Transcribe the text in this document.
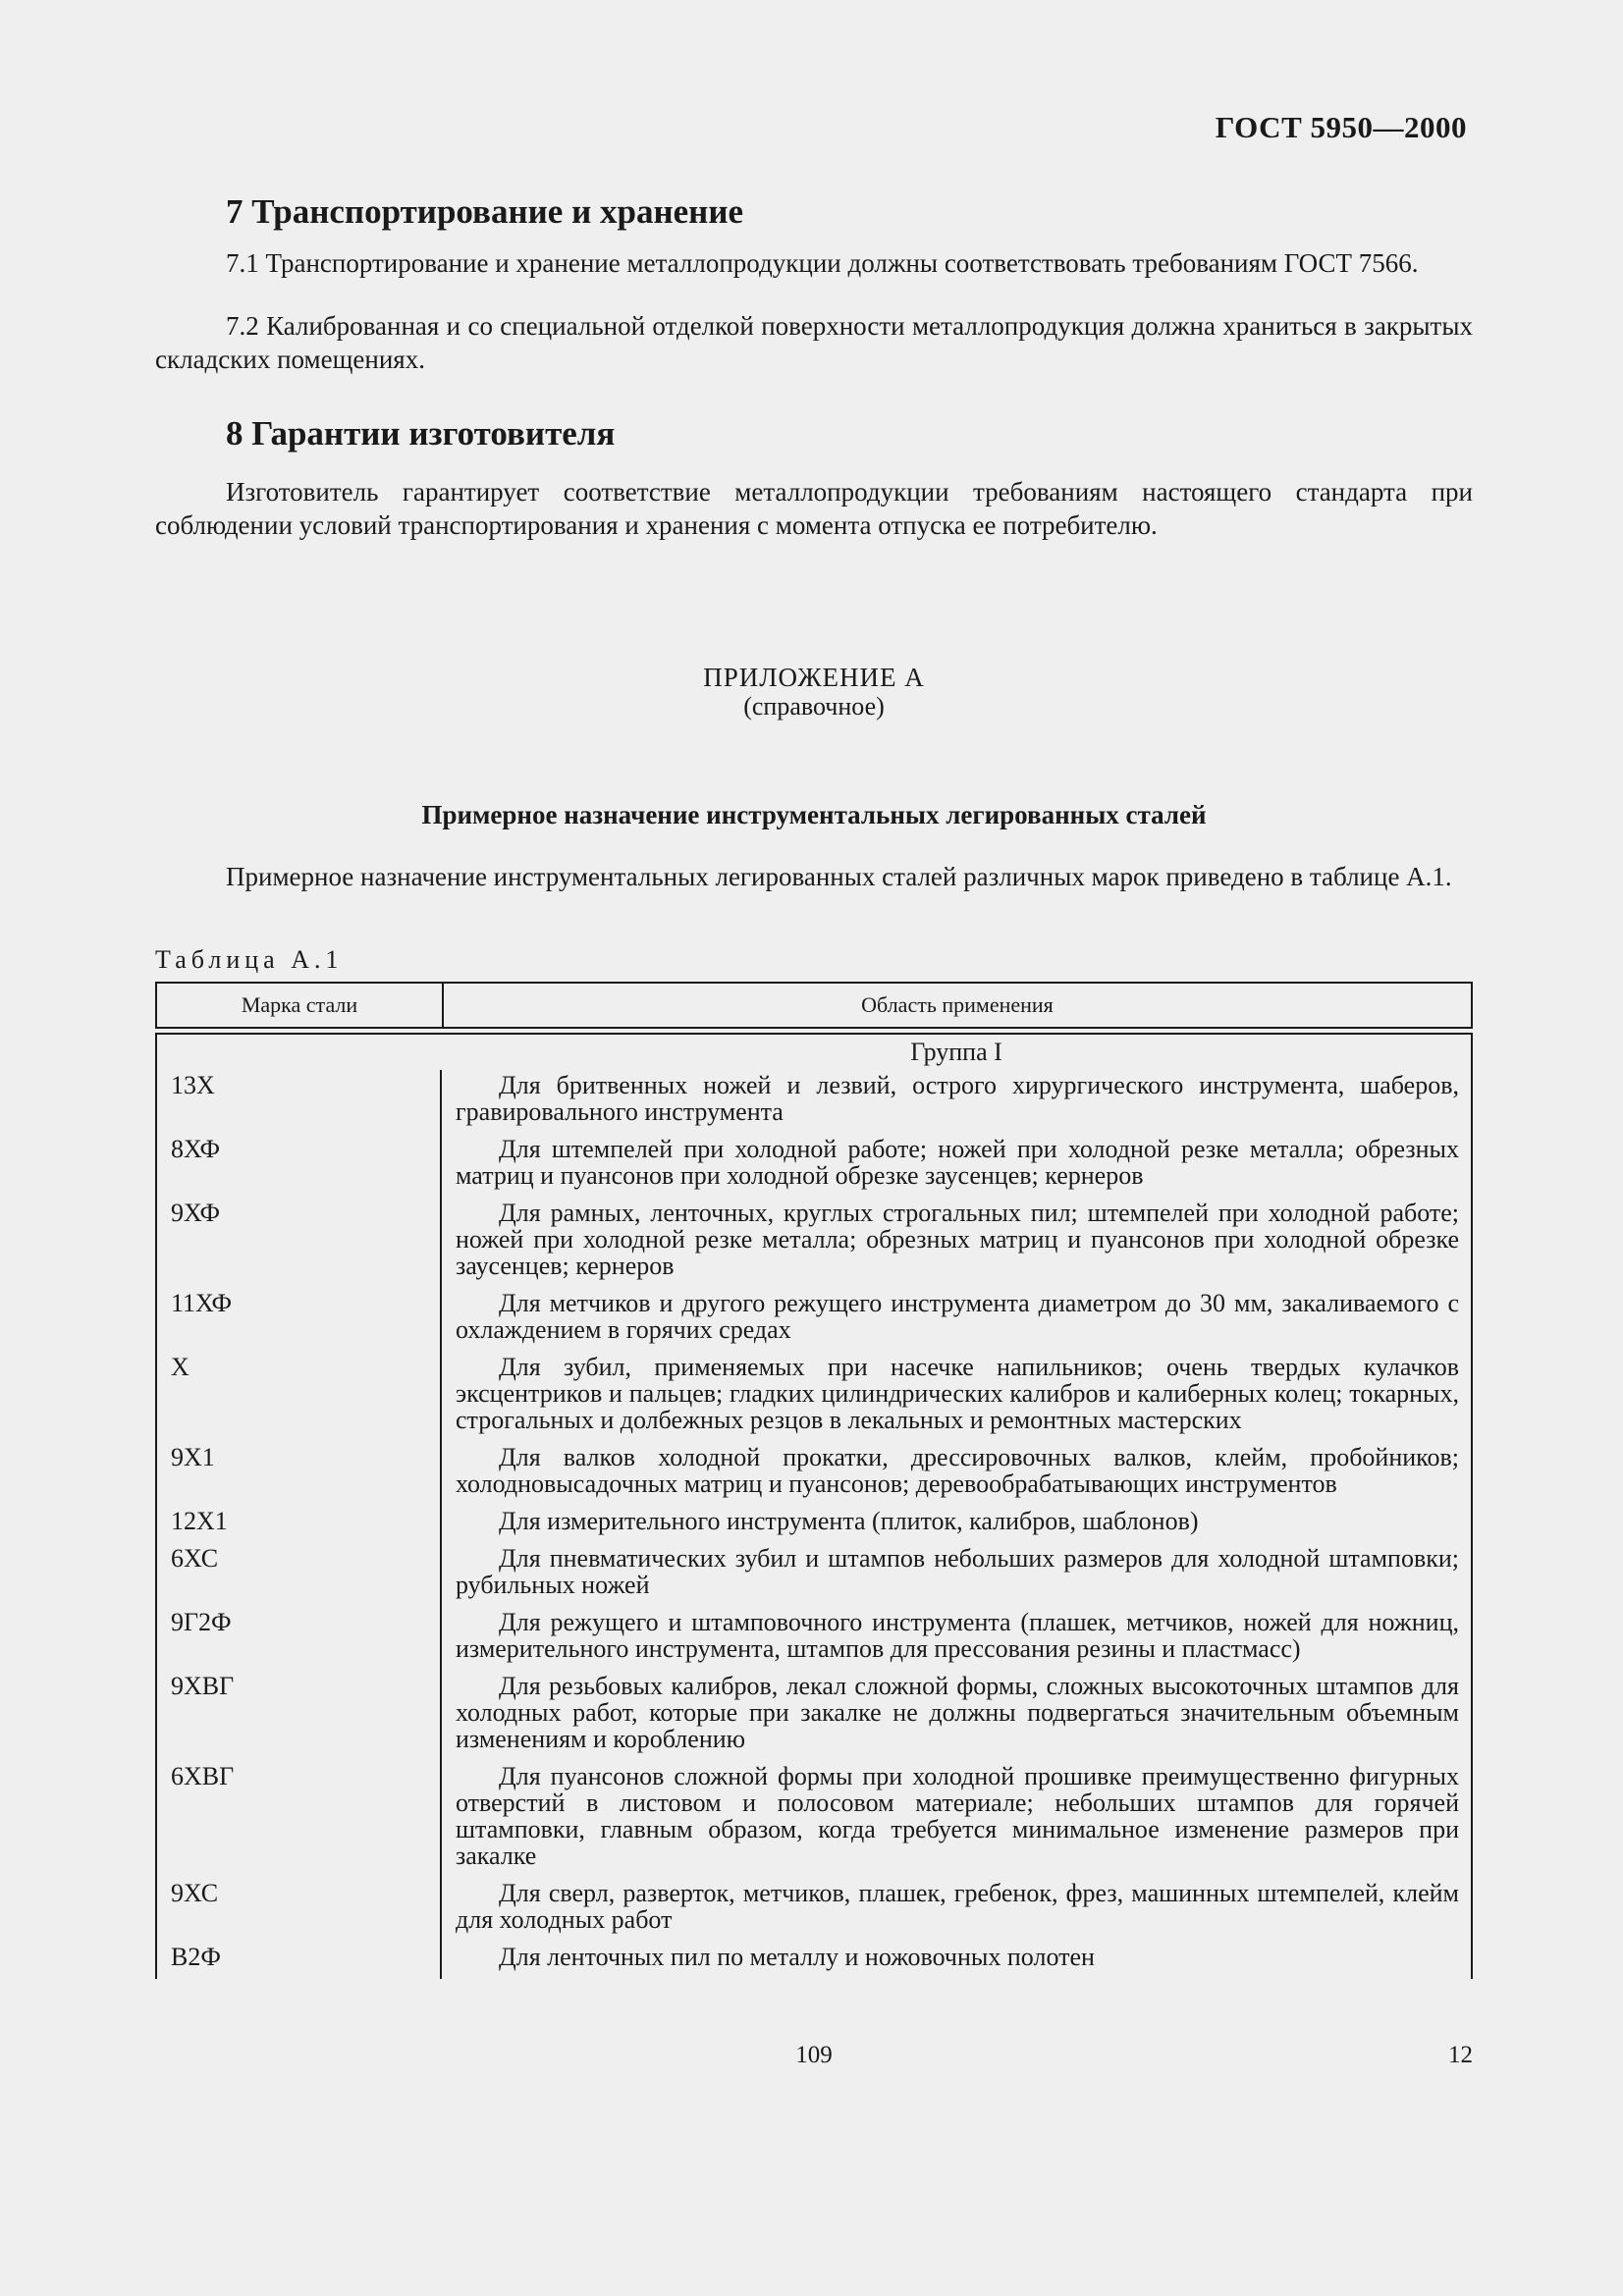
ГОСТ 5950—2000
7 Транспортирование и хранение
7.1 Транспортирование и хранение металлопродукции должны соответствовать требованиям ГОСТ 7566.
7.2 Калиброванная и со специальной отделкой поверхности металлопродукция должна храниться в закрытых складских помещениях.
8 Гарантии изготовителя
Изготовитель гарантирует соответствие металлопродукции требованиям настоящего стандарта при соблюдении условий транспортирования и хранения с момента отпуска ее потребителю.
ПРИЛОЖЕНИЕ А
(справочное)
Примерное назначение инструментальных легированных сталей
Примерное назначение инструментальных легированных сталей различных марок приведено в таблице А.1.
Таблица А.1
Марка стали	Область применения
Группа I
13Х	Для бритвенных ножей и лезвий, острого хирургического инструмента, шаберов, гравировального инструмента
8ХФ	Для штемпелей при холодной работе; ножей при холодной резке металла; обрезных матриц и пуансонов при холодной обрезке заусенцев; кернеров
9ХФ	Для рамных, ленточных, круглых строгальных пил; штемпелей при холодной работе; ножей при холодной резке металла; обрезных матриц и пуансонов при холодной обрезке заусенцев; кернеров
11ХФ	Для метчиков и другого режущего инструмента диаметром до 30 мм, закаливаемого с охлаждением в горячих средах
Х	Для зубил, применяемых при насечке напильников; очень твердых кулачков эксцентриков и пальцев; гладких цилиндрических калибров и калиберных колец; токарных, строгальных и долбежных резцов в лекальных и ремонтных мастерских
9Х1	Для валков холодной прокатки, дрессировочных валков, клейм, пробойников; холодновысадочных матриц и пуансонов; деревообрабатывающих инструментов
12Х1	Для измерительного инструмента (плиток, калибров, шаблонов)
6ХС	Для пневматических зубил и штампов небольших размеров для холодной штамповки; рубильных ножей
9Г2Ф	Для режущего и штамповочного инструмента (плашек, метчиков, ножей для ножниц, измерительного инструмента, штампов для прессования резины и пластмасс)
9ХВГ	Для резьбовых калибров, лекал сложной формы, сложных высокоточных штампов для холодных работ, которые при закалке не должны подвергаться значительным объемным изменениям и короблению
6ХВГ	Для пуансонов сложной формы при холодной прошивке преимущественно фигурных отверстий в листовом и полосовом материале; небольших штампов для горячей штамповки, главным образом, когда требуется минимальное изменение размеров при закалке
9ХС	Для сверл, разверток, метчиков, плашек, гребенок, фрез, машинных штемпелей, клейм для холодных работ
В2Ф	Для ленточных пил по металлу и ножовочных полотен
109	12
